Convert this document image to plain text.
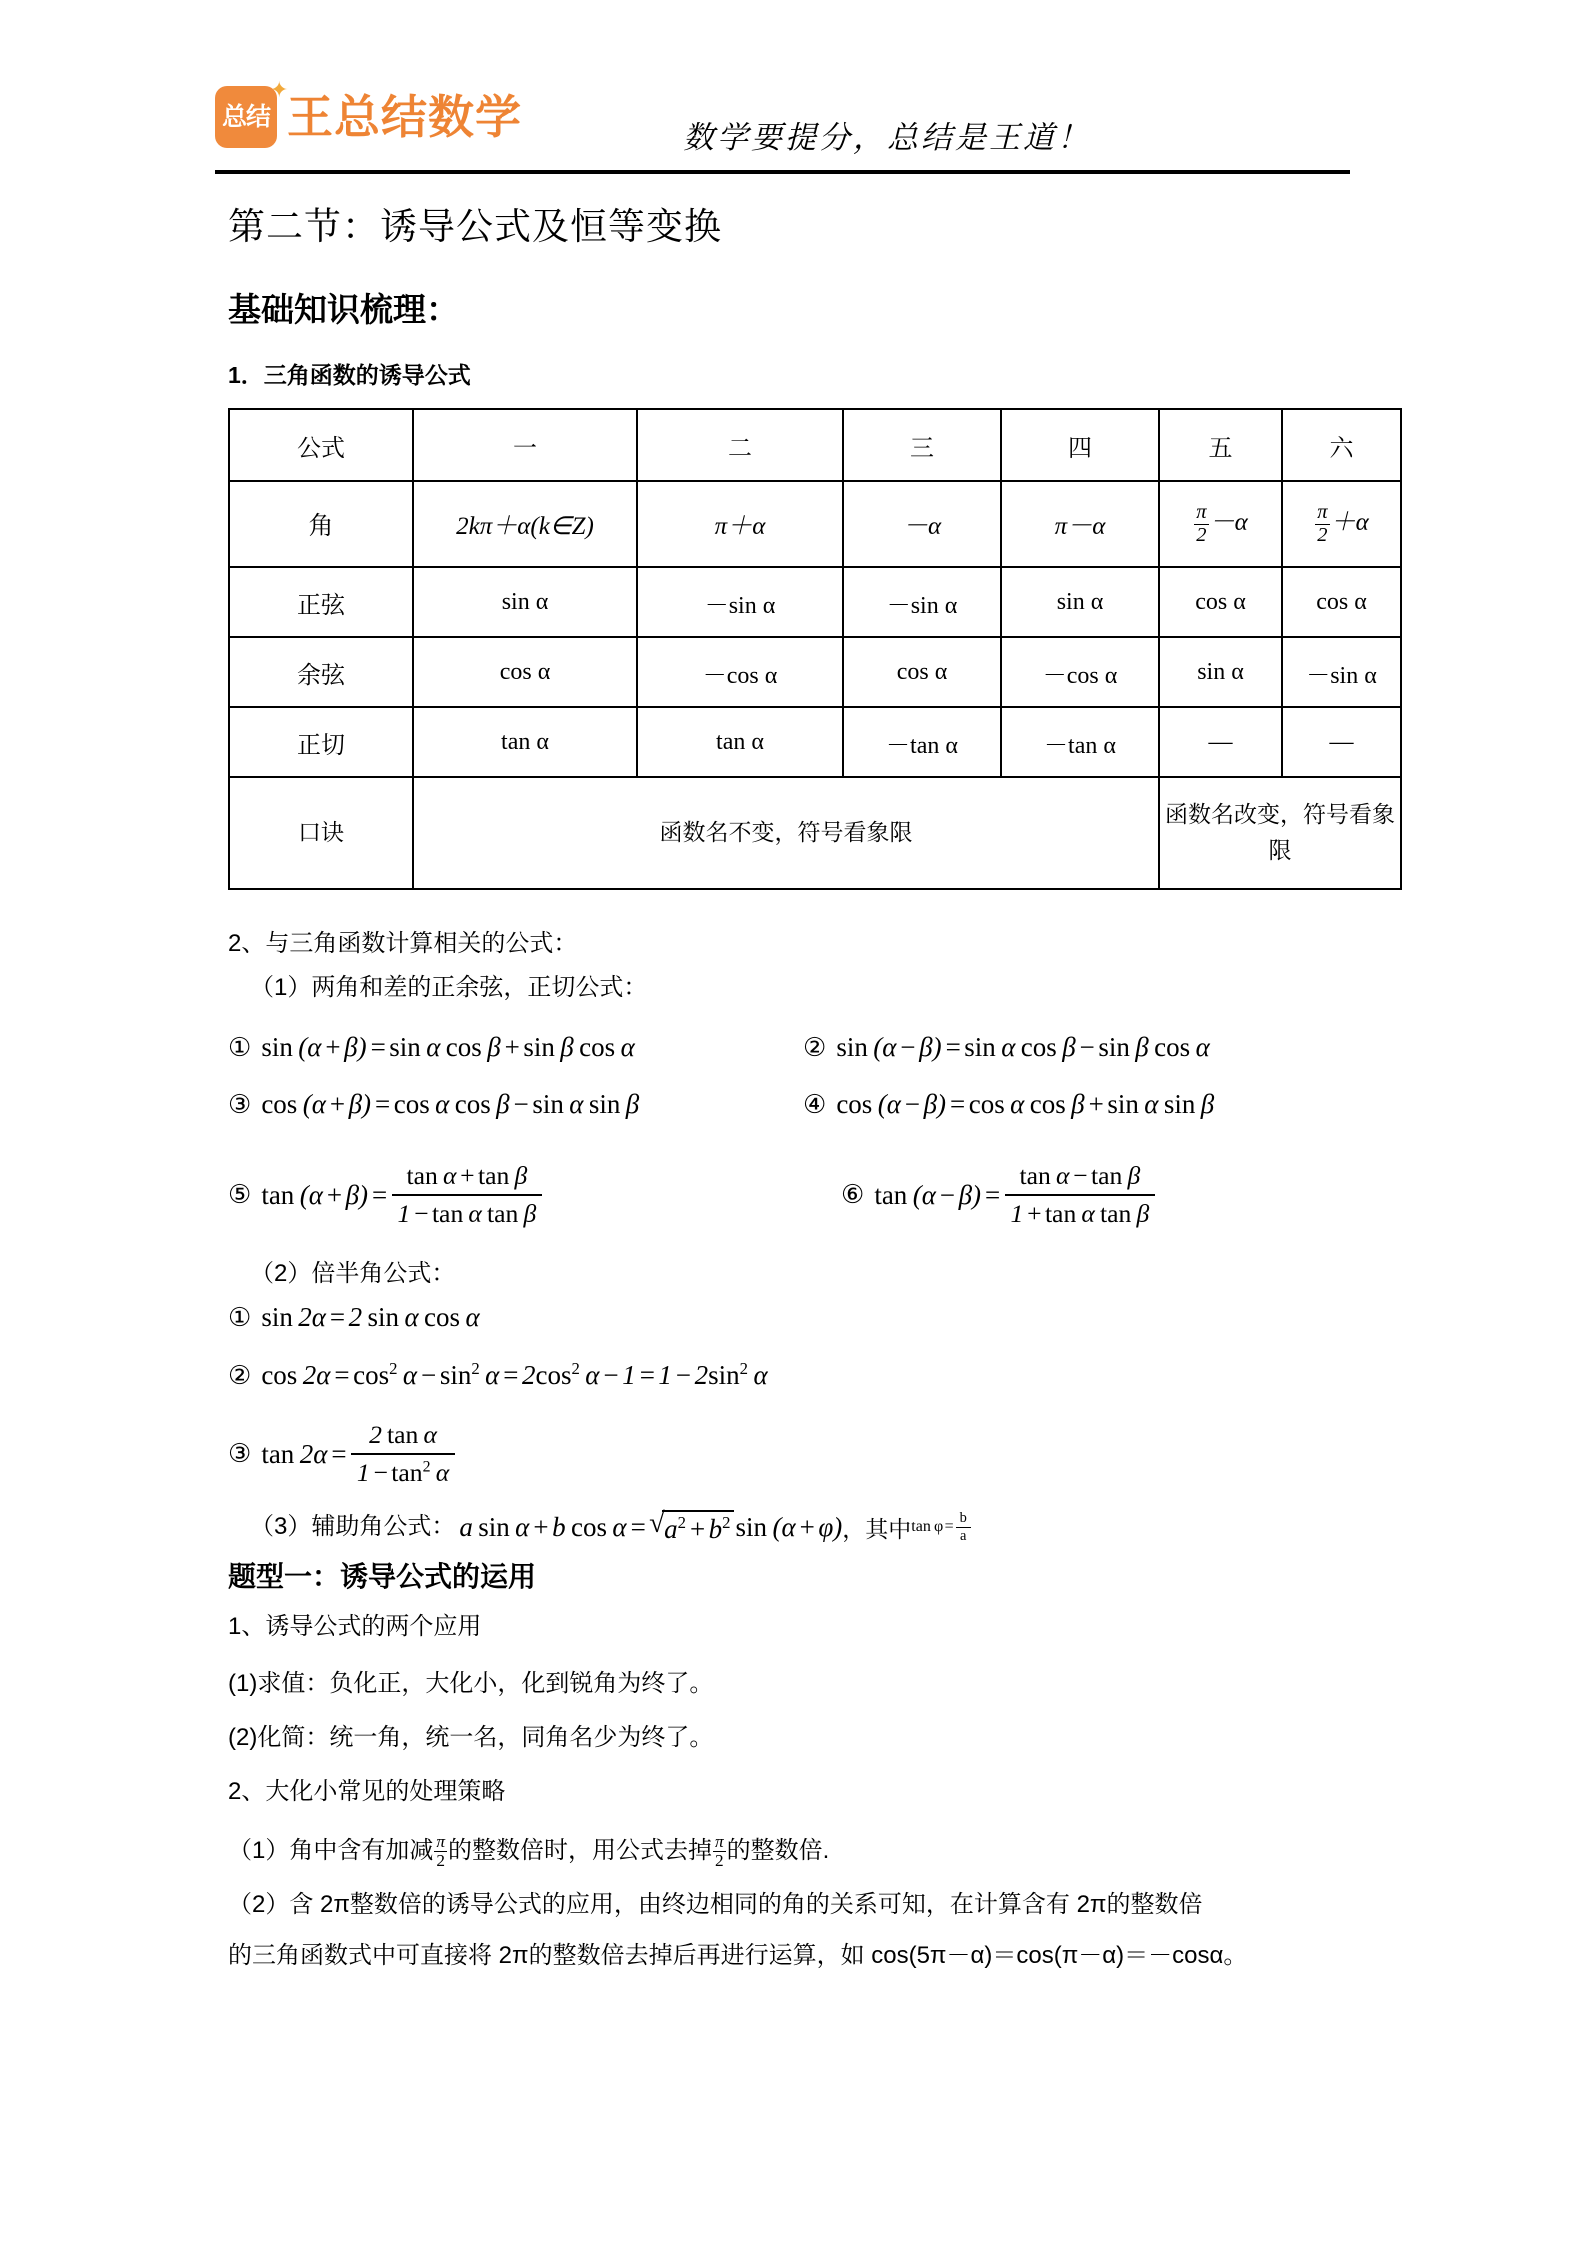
总结 王总结数学	数学要提分，总结是王道！
第二节：诱导公式及恒等变换
基础知识梳理：
1．三角函数的诱导公式
公式	一	二	三	四	五	六
角	2kπ＋α(k∈Z)	π＋α	－α	π－α	$\frac{\pi}{2} -\alpha$	$\frac{\pi}{2} +\alpha$
正弦	sin α	－sin α	－sin α	sin α	cos α	cos α
余弦	cos α	－cos α	cos α	－cos α	sin α	－sin α
正切	tan α	tan α	－tan α	－tan α	—	—
口诀	函数名不变，符号看象限				函数名改变，符号看象限	

2、与三角函数计算相关的公式：

（1）两角和差的正余弦，正切公式：

① sin (α + β) = sin α cos β + sin β cos α	② sin (α − β) = sin α cos β − sin β cos α
③ cos (α + β) = cos α cos β − sin α sin β	④ cos (α − β) = cos α cos β + sin α sin β
⑤ tan (α + β) = $\frac{\text{tan α + tan β}}{\text{1 − tan α tan β}}$	⑥ tan (α − β) = $\frac{\text{tan α − tan β}}{\text{1 + tan α tan β}}$

（2）倍半角公式：

① sin 2α = 2 sin α cos α
② cos 2α = $\cos^2 \alpha$ − $\sin^2 \alpha$ = $2\cos^2$ α − 1 = 1 − $2\sin^2$ α
③ tan 2α = $\frac{\text{2 tan α}}{1 - \tan^2 \alpha}$
（3）辅助角公式： a  sin α + b  cos α = √ $a^2$ + $b^2$ sin  (α + φ) ，其中 tan φ = $\frac{b}{a}$
题型一：诱导公式的运用

1、诱导公式的两个应用

(1)求值：负化正，大化小，化到锐角为终了。

(2)化简：统一角，统一名，同角名少为终了。

2、大化小常见的处理策略

（1）角中含有加减 $\frac{\pi}{2}$ 的整数倍时，用公式去掉 $\frac{\pi}{2}$ 的整数倍.

（2）含 2π整数倍的诱导公式的应用，由终边相同的角的关系可知，在计算含有 2π的整数倍

的三角函数式中可直接将 2π的整数倍去掉后再进行运算，如 cos(5π－α)＝cos(π－α)＝－cosα。
